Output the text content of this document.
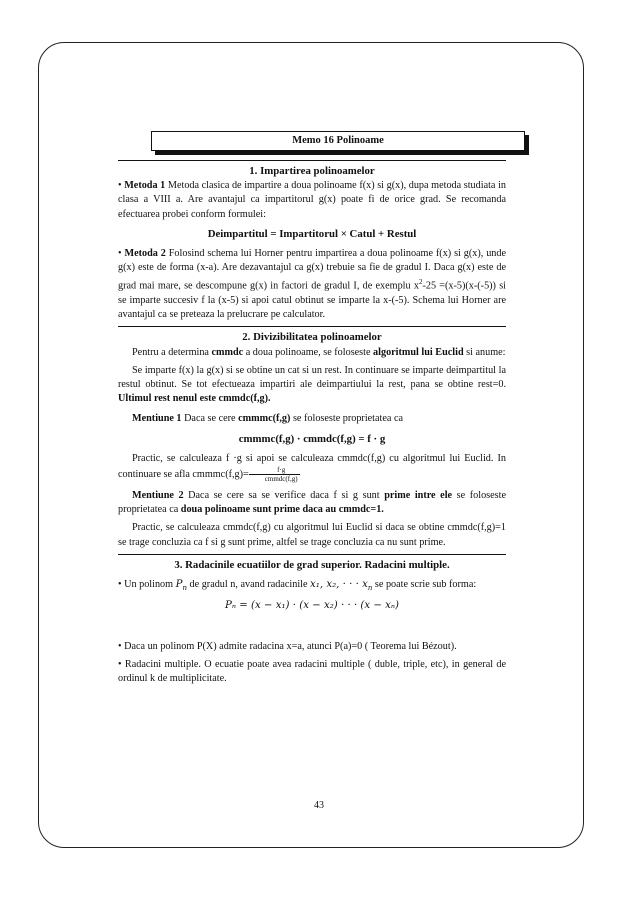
Memo 16 Polinoame
1. Impartirea polinoamelor

• Metoda 1 Metoda clasica de impartire a doua polinoame f(x) si g(x), dupa metoda studiata in clasa a VIII a. Are avantajul ca impartitorul g(x) poate fi de orice grad. Se recomanda efectuarea probei conform formulei:

Deimpartitul = Impartitorul × Catul + Restul

• Metoda 2 Folosind schema lui Horner pentru impartirea a doua polinoame f(x) si g(x), unde g(x) este de forma (x-a). Are dezavantajul ca g(x) trebuie sa fie de gradul I. Daca g(x) este de grad mai mare, se descompune g(x) in factori de gradul I, de exemplu $x^2-25 =(x-5)(x-(-5))$ si se imparte succesiv f la (x-5) si apoi catul obtinut se imparte la x-(-5). Schema lui Horner are avantajul ca se preteaza la prelucrare pe calculator.

2. Divizibilitatea polinoamelor

Pentru a determina cmmdc a doua polinoame, se foloseste algoritmul lui Euclid si anume:

Se imparte f(x) la g(x) si se obtine un cat si un rest. In continuare se imparte deimpartitul la restul obtinut. Se tot efectueaza impartiri ale deimpartiului la rest, pana se obtine rest=0. Ultimul rest nenul este cmmdc(f,g).

Mentiune 1 Daca se cere cmmmc(f,g) se foloseste proprietatea ca

cmmmc(f,g) · cmmdc(f,g) = f · g

Practic, se calculeaza f ·g si apoi se calculeaza cmmdc(f,g) cu algoritmul lui Euclid. In continuare se afla cmmmc(f,g)= $\frac{f\cdot g}{\text{cmmdc(f,g)}}$

Mentiune 2 Daca se cere sa se verifice daca f si g sunt prime intre ele se foloseste proprietatea ca doua polinoame sunt prime daca au cmmdc=1.

Practic, se calculeaza cmmdc(f,g) cu algoritmul lui Euclid si daca se obtine cmmdc(f,g)=1 se trage concluzia ca f si g sunt prime, altfel se trage concluzia ca nu sunt prime.

3. Radacinile ecuatiilor de grad superior. Radacini multiple.

• Un polinom $P_n$ de gradul n, avand radacinile x₁, x₂, · · · $x_n$ se poate scrie sub forma:

Pₙ = (x − x₁) · (x − x₂) · · · (x − xₙ)

• Daca un polinom P(X) admite radacina x=a, atunci P(a)=0 ( Teorema lui Bézout).

• Radacini multiple. O ecuatie poate avea radacini multiple ( duble, triple, etc), in general de ordinul k de multiplicitate.

43
